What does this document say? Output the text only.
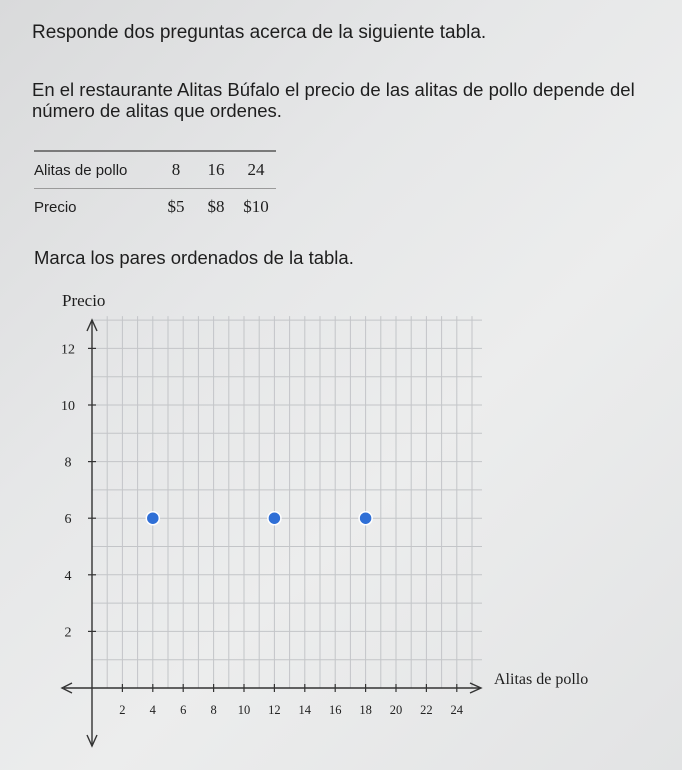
Responde dos preguntas acerca de la siguiente tabla.
En el restaurante Alitas Búfalo el precio de las alitas de pollo depende del número de alitas que ordenes.
Alitas de pollo	8	16	24
Precio	$5	$8	$10
Marca los pares ordenados de la tabla.
2 4 6 8 10 12 14 16 18 20 22 24
2
4
6
8
10
12
Precio
Alitas de pollo
